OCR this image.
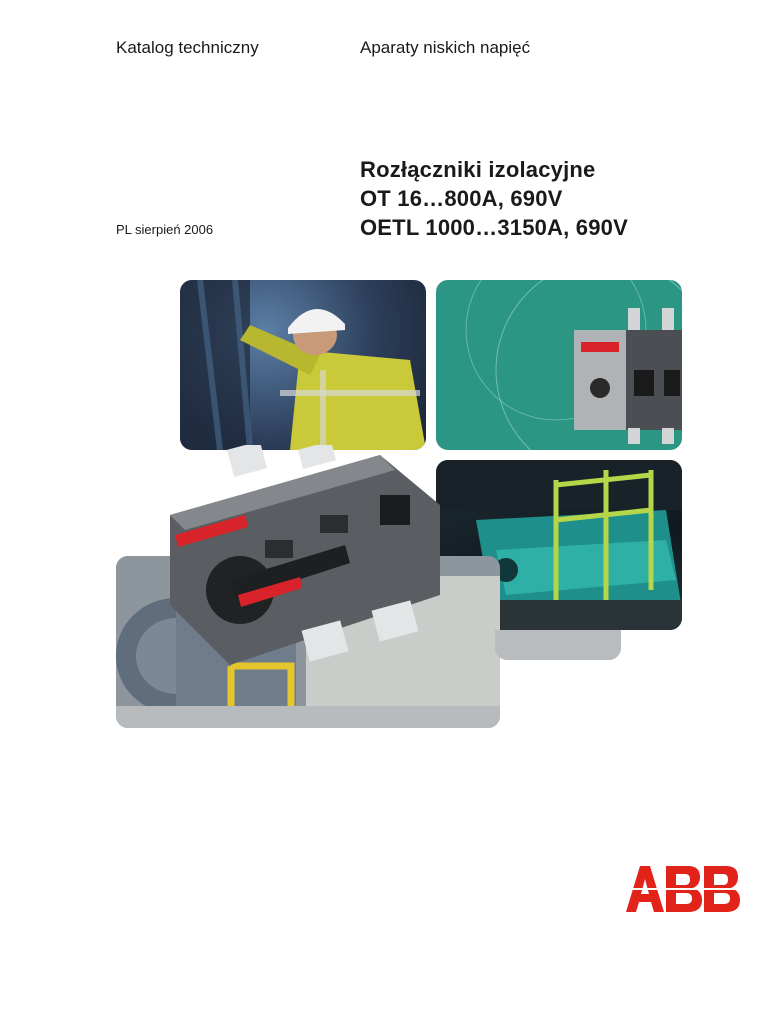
Katalog techniczny	Aparaty niskich napięć
PL sierpień 2006
Rozłączniki izolacyjne
OT 16…800A, 690V
OETL 1000…3150A, 690V
